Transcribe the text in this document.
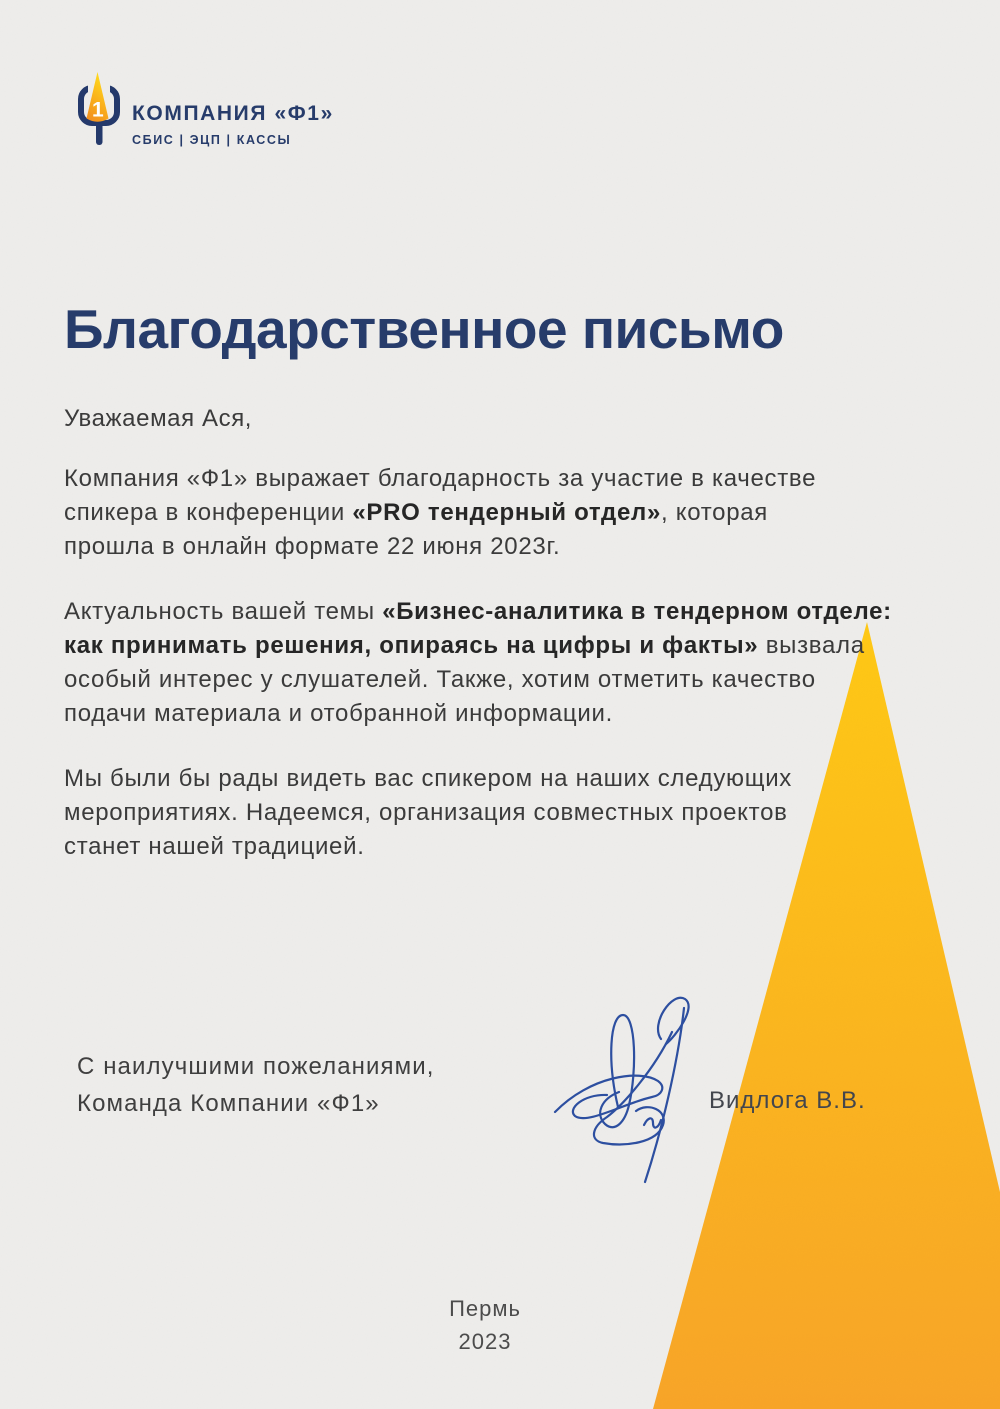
1 КОМПАНИЯ «Ф1»
СБИС | ЭЦП | КАССЫ
Благодарственное письмо
Уважаемая Ася,
Компания «Ф1» выражает благодарность за участие в качестве
спикера в конференции «PRO тендерный отдел», которая
прошла в онлайн формате 22 июня 2023г.
Актуальность вашей темы «Бизнес-аналитика в тендерном отделе:
как принимать решения, опираясь на цифры и факты» вызвала
особый интерес у слушателей. Также, хотим отметить качество
подачи материала и отобранной информации.
Мы были бы рады видеть вас спикером на наших следующих
мероприятиях. Надеемся, организация совместных проектов
станет нашей традицией.
С наилучшими пожеланиями,
Команда Компании «Ф1»	Видлога В.В.
Пермь
2023
